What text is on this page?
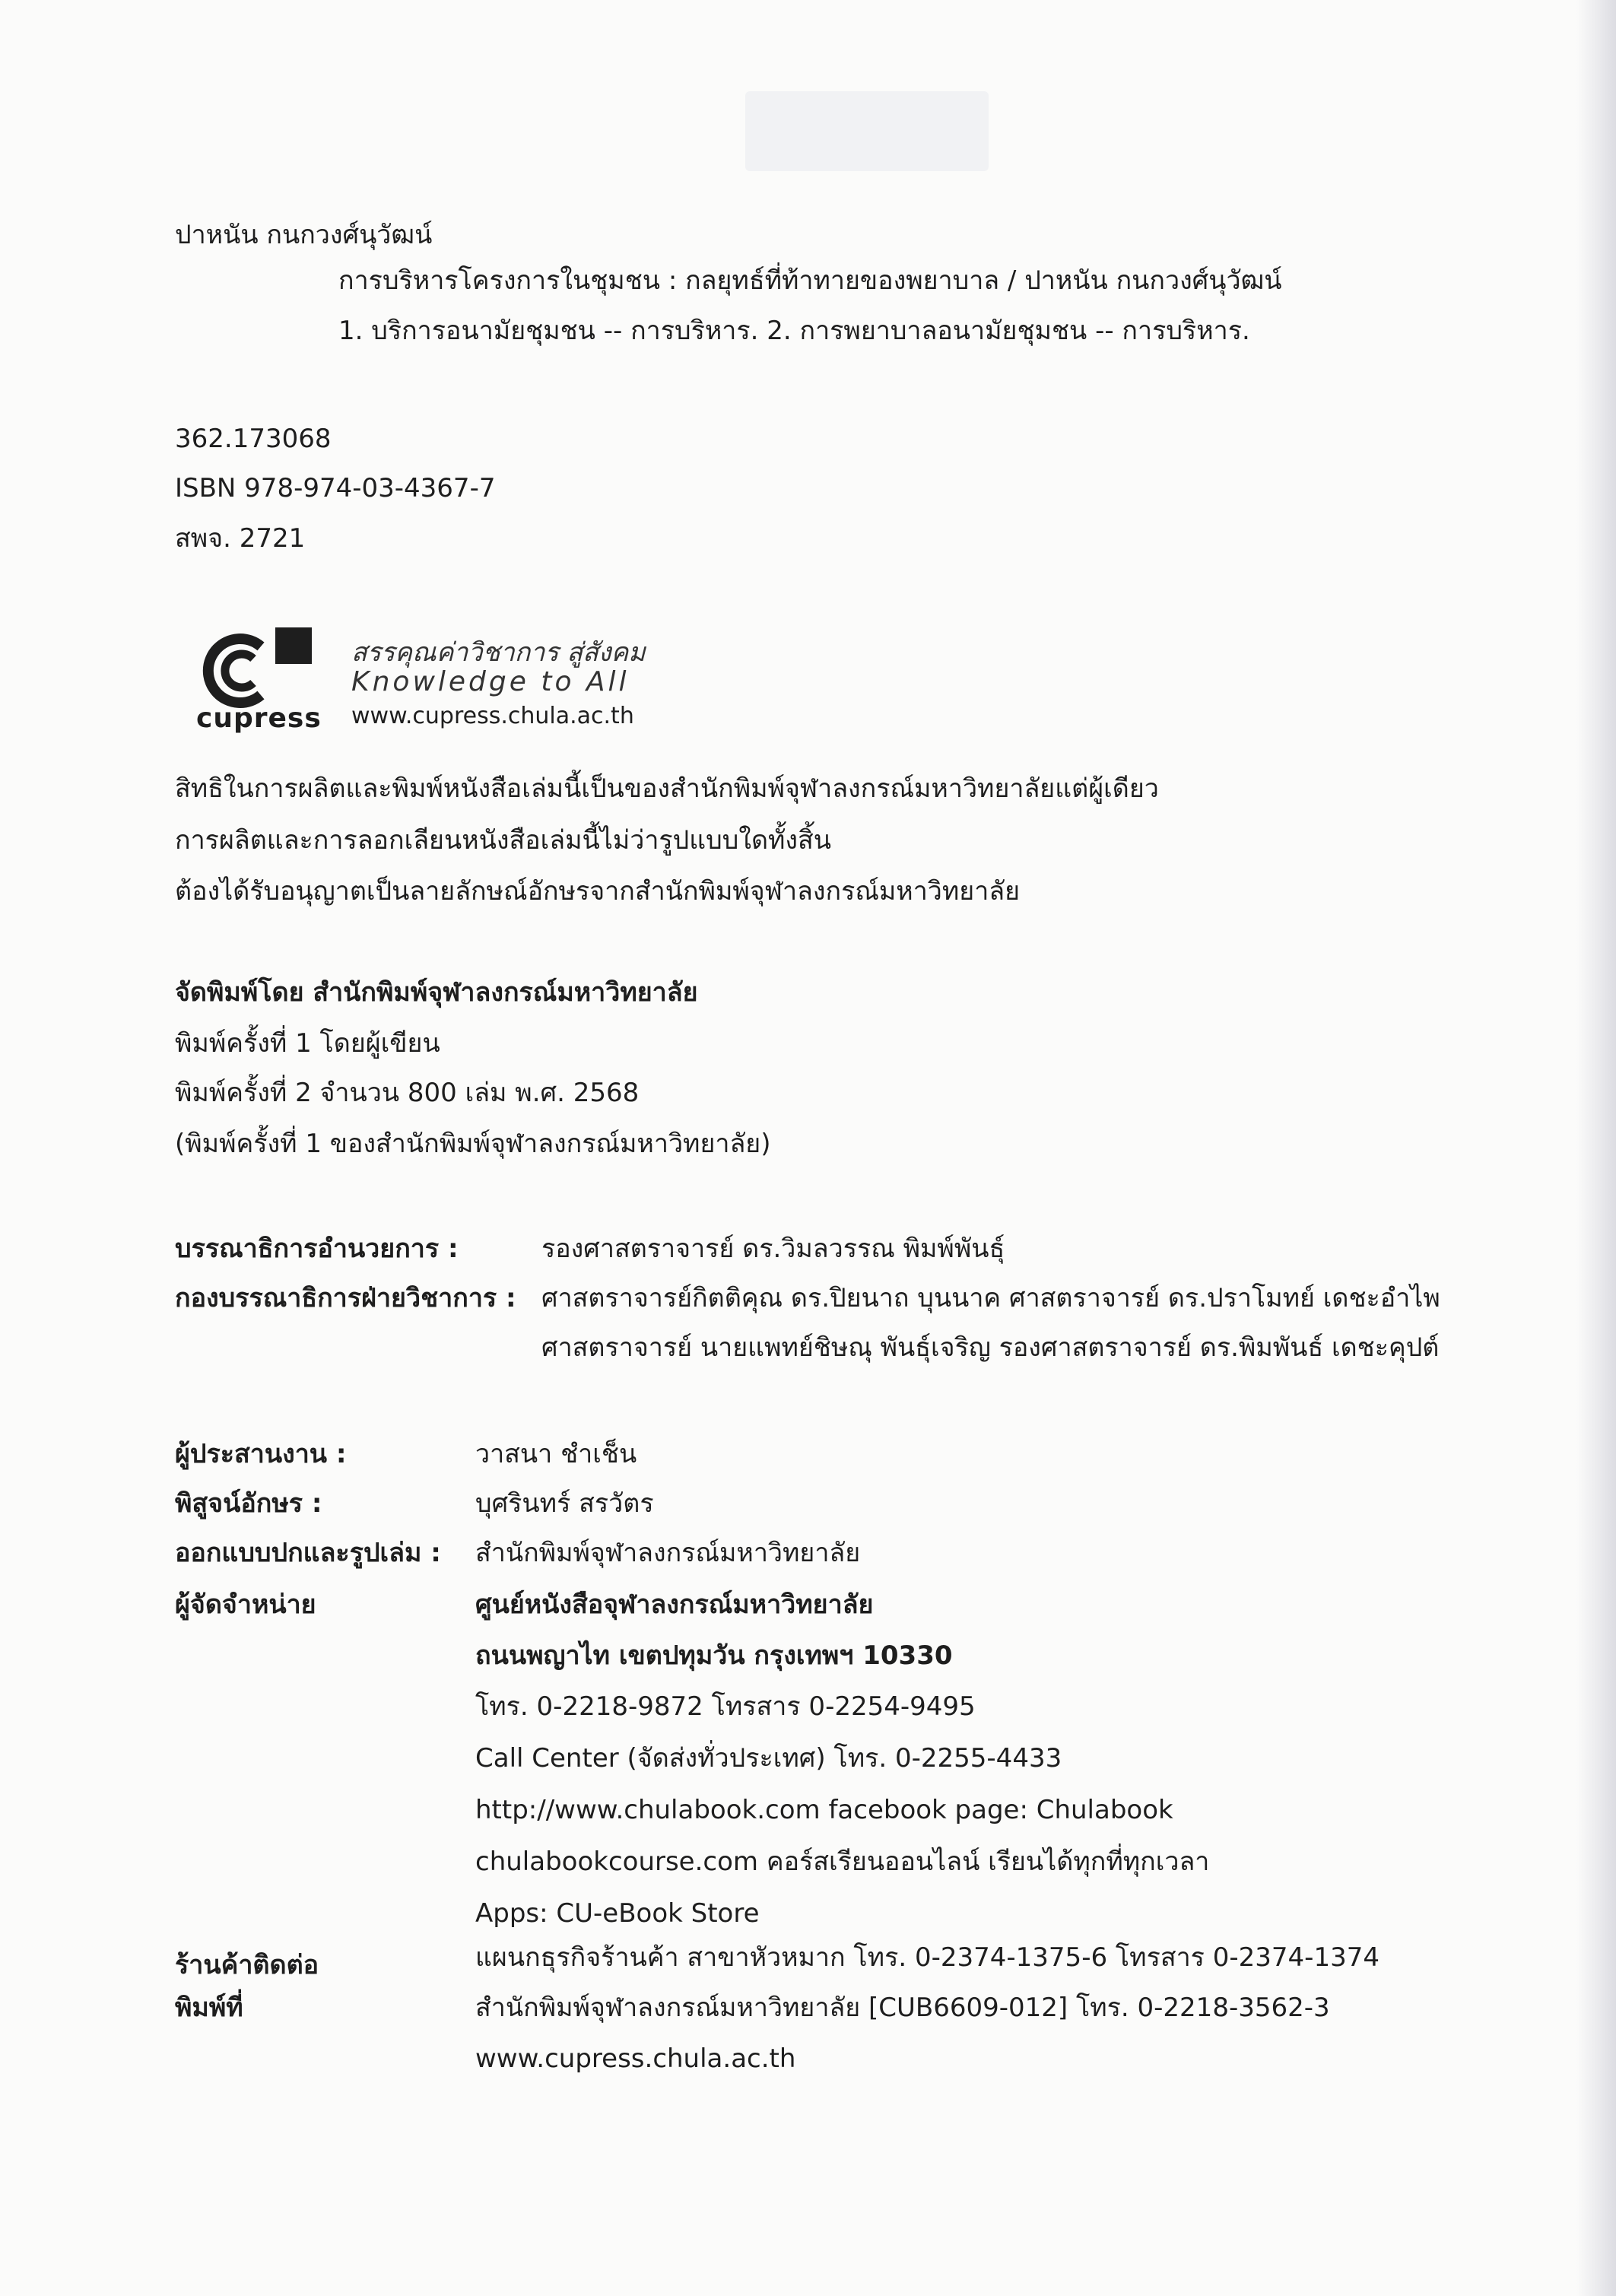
ปาหนัน กนกวงศ์นุวัฒน์
การบริหารโครงการในชุมชน : กลยุทธ์ที่ท้าทายของพยาบาล / ปาหนัน กนกวงศ์นุวัฒน์
1. บริการอนามัยชุมชน -- การบริหาร. 2. การพยาบาลอนามัยชุมชน -- การบริหาร.
362.173068
ISBN 978-974-03-4367-7
สพจ. 2721
cupress
สรรคุณค่าวิชาการ สู่สังคม
Knowledge to All
www.cupress.chula.ac.th
สิทธิในการผลิตและพิมพ์หนังสือเล่มนี้เป็นของสำนักพิมพ์จุฬาลงกรณ์มหาวิทยาลัยแต่ผู้เดียว
การผลิตและการลอกเลียนหนังสือเล่มนี้ไม่ว่ารูปแบบใดทั้งสิ้น
ต้องได้รับอนุญาตเป็นลายลักษณ์อักษรจากสำนักพิมพ์จุฬาลงกรณ์มหาวิทยาลัย
จัดพิมพ์โดย สำนักพิมพ์จุฬาลงกรณ์มหาวิทยาลัย
พิมพ์ครั้งที่ 1 โดยผู้เขียน
พิมพ์ครั้งที่ 2 จำนวน 800 เล่ม พ.ศ. 2568
(พิมพ์ครั้งที่ 1 ของสำนักพิมพ์จุฬาลงกรณ์มหาวิทยาลัย)
บรรณาธิการอำนวยการ :	รองศาสตราจารย์ ดร.วิมลวรรณ พิมพ์พันธุ์
กองบรรณาธิการฝ่ายวิชาการ : ศาสตราจารย์กิตติคุณ ดร.ปิยนาถ บุนนาค ศาสตราจารย์ ดร.ปราโมทย์ เดชะอำไพ
ศาสตราจารย์ นายแพทย์ชิษณุ พันธุ์เจริญ รองศาสตราจารย์ ดร.พิมพันธ์ เดชะคุปต์
ผู้ประสานงาน :	วาสนา ชำเช็น
พิสูจน์อักษร :	บุศรินทร์ สรวัตร
ออกแบบปกและรูปเล่ม : สำนักพิมพ์จุฬาลงกรณ์มหาวิทยาลัย
ผู้จัดจำหน่าย	ศูนย์หนังสือจุฬาลงกรณ์มหาวิทยาลัย
ถนนพญาไท เขตปทุมวัน กรุงเทพฯ 10330
โทร. 0-2218-9872 โทรสาร 0-2254-9495
Call Center (จัดส่งทั่วประเทศ) โทร. 0-2255-4433
http://www.chulabook.com facebook page: Chulabook
chulabookcourse.com คอร์สเรียนออนไลน์ เรียนได้ทุกที่ทุกเวลา
Apps: CU-eBook Store
ร้านค้าติดต่อ	แผนกธุรกิจร้านค้า สาขาหัวหมาก โทร. 0-2374-1375-6 โทรสาร 0-2374-1374
พิมพ์ที่	สำนักพิมพ์จุฬาลงกรณ์มหาวิทยาลัย [CUB6609-012] โทร. 0-2218-3562-3
www.cupress.chula.ac.th
